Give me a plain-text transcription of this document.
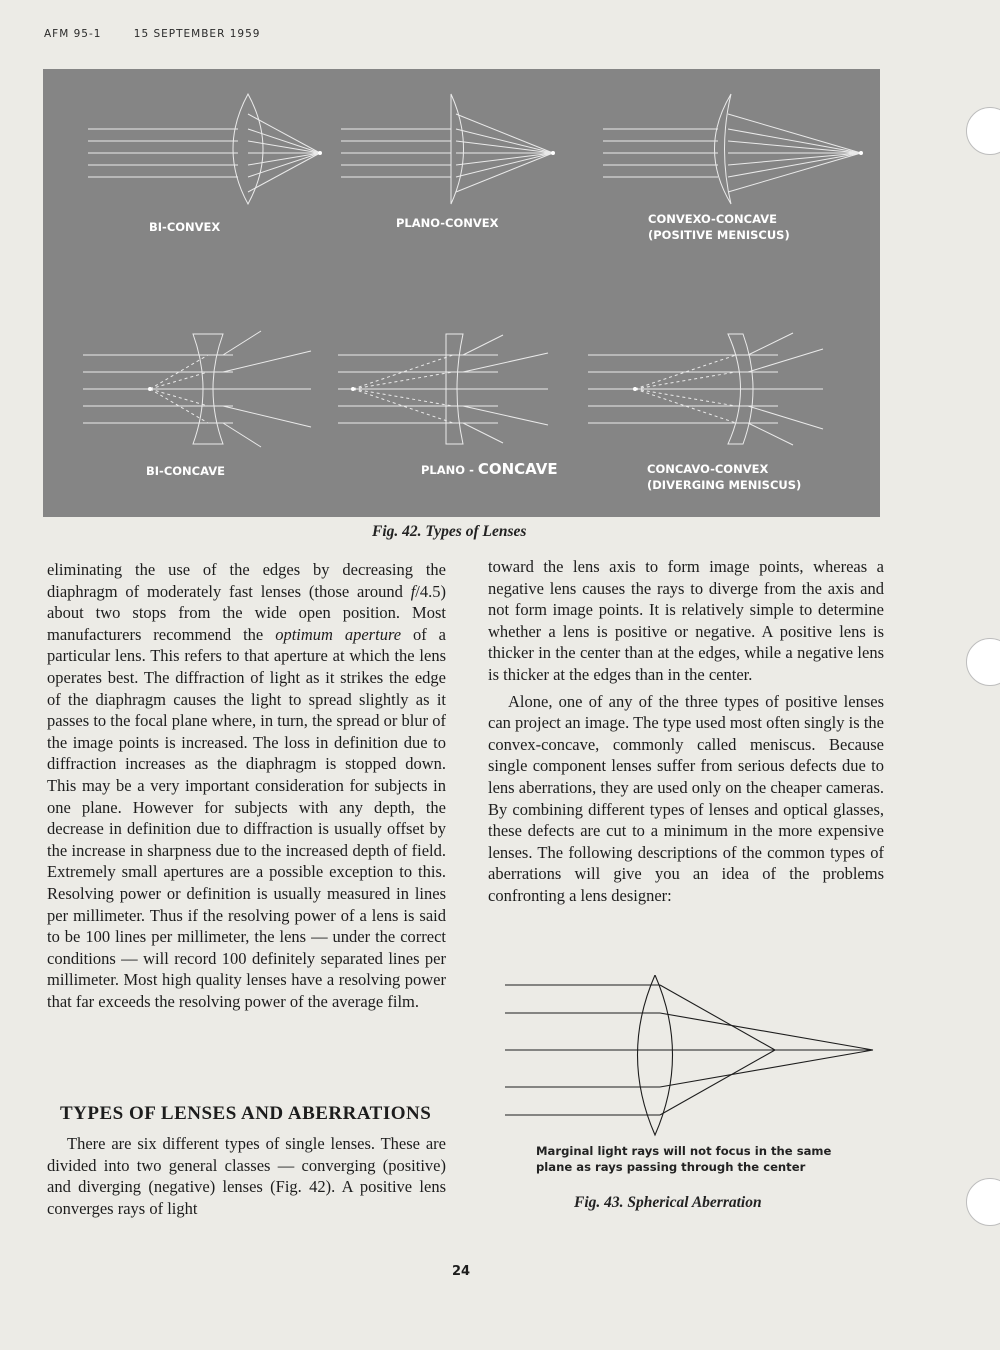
AFM 95-1	15 SEPTEMBER 1959
BI-CONVEX	PLANO-CONVEX	CONVEXO-CONCAVE
(POSITIVE MENISCUS)
BI-CONCAVE	PLANO - CONCAVE	CONCAVO-CONVEX
(DIVERGING MENISCUS)
Fig. 42. Types of Lenses

eliminating the use of the edges by decreasing the diaphragm of moderately fast lenses (those around f/4.5) about two stops from the wide open position. Most manufacturers recommend the optimum aperture of a particular lens. This refers to that aperture at which the lens operates best. The diffraction of light as it strikes the edge of the diaphragm causes the light to spread slightly as it passes to the focal plane where, in turn, the spread or blur of the image points is increased. The loss in definition due to diffraction increases as the diaphragm is stopped down. This may be a very important consideration for subjects in one plane. However for subjects with any depth, the decrease in definition due to diffraction is usually offset by the increase in sharpness due to the increased depth of field. Extremely small apertures are a possible exception to this. Resolving power or definition is usually measured in lines per millimeter. Thus if the resolving power of a lens is said to be 100 lines per millimeter, the lens — under the correct conditions — will record 100 definitely separated lines per millimeter. Most high quality lenses have a resolving power that far exceeds the resolving power of the average film.

TYPES OF LENSES AND ABERRATIONS

There are six different types of single lenses. These are divided into two general classes — converging (positive) and diverging (negative) lenses (Fig. 42). A positive lens converges rays of light

toward the lens axis to form image points, whereas a negative lens causes the rays to diverge from the axis and not form image points. It is relatively simple to determine whether a lens is positive or negative. A positive lens is thicker in the center than at the edges, while a negative lens is thicker at the edges than in the center.

Alone, one of any of the three types of positive lenses can project an image. The type used most often singly is the convex-concave, commonly called meniscus. Because single component lenses suffer from serious defects due to lens aberrations, they are used only on the cheaper cameras. By combining different types of lenses and optical glasses, these defects are cut to a minimum in the more expensive lenses. The following descriptions of the common types of aberrations will give you an idea of the problems confronting a lens designer:

Marginal light rays will not focus in the same plane as rays passing through the center
Fig. 43. Spherical Aberration
24
